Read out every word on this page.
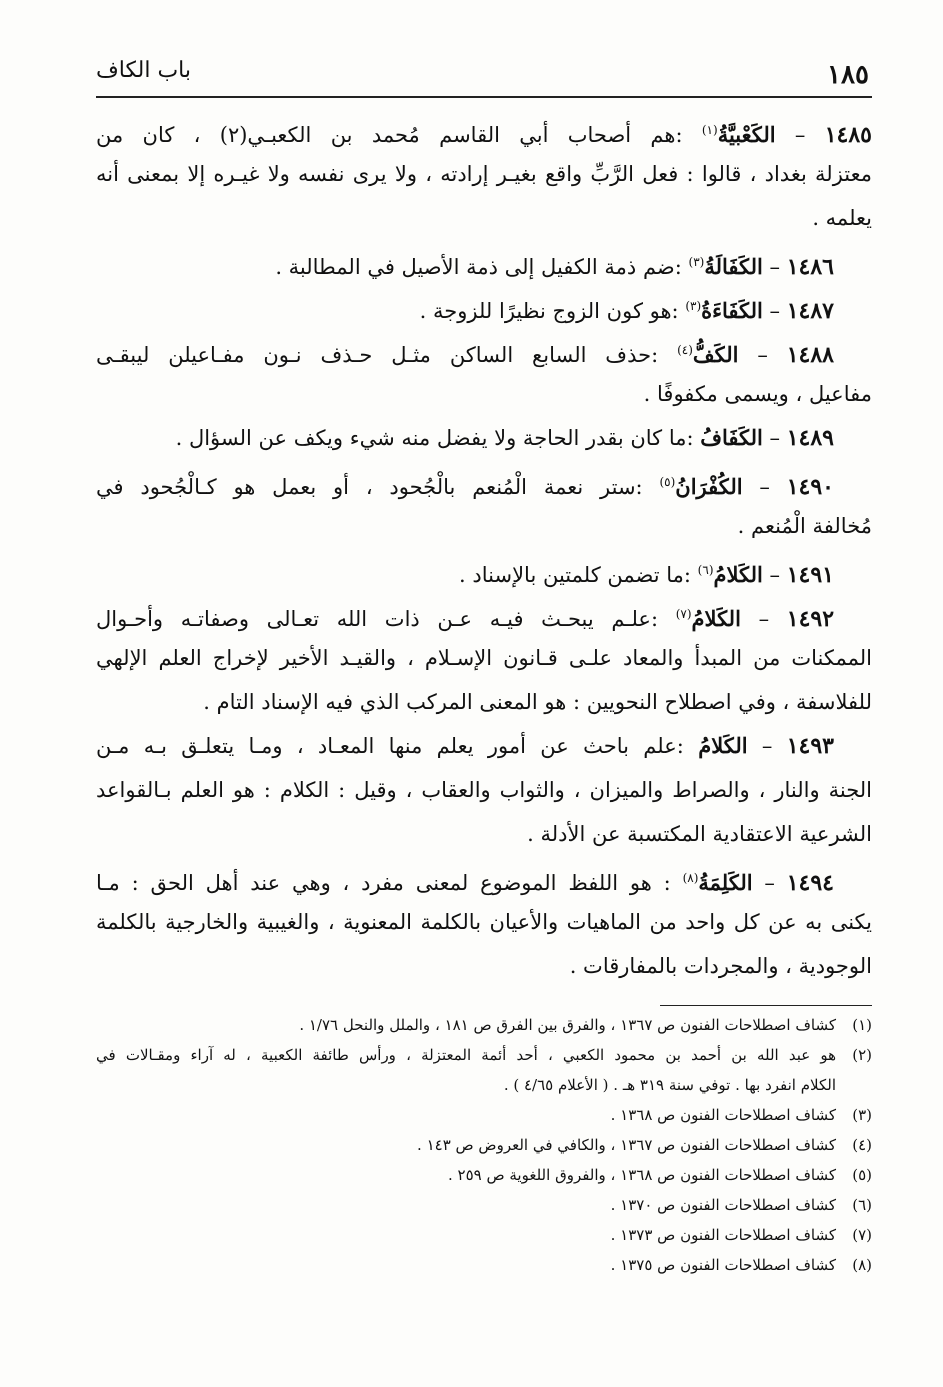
١٨٥
باب الكاف
١٤٨٥ – الكَعْبيَّةُ$^{(١)}$ :هم أصحاب أبي القاسم مُحمد بن الكعبـي(٢) ، كان من
معتزلة بغداد ، قالوا : فعل الرَّبِّ واقع بغيـر إرادته ، ولا يرى نفسه ولا غيـره إلا بمعنى أنه
يعلمه .
١٤٨٦ – الكَفَالَةُ$^{(٣)}$ :ضم ذمة الكفيل إلى ذمة الأصيل في المطالبة .
١٤٨٧ – الكَفَاءَةُ$^{(٣)}$ :هو كون الزوج نظيرًا للزوجة .
١٤٨٨ – الكَفُّ$^{(٤)}$ :حذف السابع الساكن مثـل حـذف نـون مفـاعيلن ليبقـى
مفاعيل ، ويسمى مكفوفًا .
١٤٨٩ – الكَفَافُ :ما كان بقدر الحاجة ولا يفضل منه شيء ويكف عن السؤال .
١٤٩٠ – الكُفْرَانُ$^{(٥)}$ :ستر نعمة الْمُنعم بالْجُحود ، أو بعمل هو كـالْجُحود في
مُخالفة الْمُنعم .
١٤٩١ – الكَلامُ$^{(٦)}$ :ما تضمن كلمتين بالإسناد .
١٤٩٢ – الكَلامُ$^{(٧)}$ :علـم يبحـث فيـه عـن ذات الله تعـالى وصفاتـه وأحـوال
الممكنات من المبدأ والمعاد علـى قـانون الإسـلام ، والقيـد الأخير لإخراج العلم الإلهي
للفلاسفة ، وفي اصطلاح النحويين : هو المعنى المركب الذي فيه الإسناد التام .
١٤٩٣ – الكَلامُ :علم باحث عن أمور يعلم منها المعـاد ، ومـا يتعلـق بـه مـن
الجنة والنار ، والصراط والميزان ، والثواب والعقاب ، وقيل : الكلام : هو العلم بـالقواعد
الشرعية الاعتقادية المكتسبة عن الأدلة .
١٤٩٤ – الكَلِمَةُ$^{(٨)}$ : هو اللفظ الموضوع لمعنى مفرد ، وهي عند أهل الحق : مـا
يكنى به عن كل واحد من الماهيات والأعيان بالكلمة المعنوية ، والغيبية والخارجية بالكلمة
الوجودية ، والمجردات بالمفارقات .
(١)كشاف اصطلاحات الفنون ص ١٣٦٧ ، والفرق بين الفرق ص ١٨١ ، والملل والنحل ١/٧٦ .
(٢)هو عبد الله بن أحمد بن محمود الكعبي ، أحد أئمة المعتزلة ، ورأس طائفة الكعبية ، له آراء ومقـالات في
الكلام انفرد بها . توفي سنة ٣١٩ هـ . ( الأعلام ٤/٦٥ ) .
(٣)كشاف اصطلاحات الفنون ص ١٣٦٨ .
(٤)كشاف اصطلاحات الفنون ص ١٣٦٧ ، والكافي في العروض ص ١٤٣ .
(٥)كشاف اصطلاحات الفنون ص ١٣٦٨ ، والفروق اللغوية ص ٢٥٩ .
(٦)كشاف اصطلاحات الفنون ص ١٣٧٠ .
(٧)كشاف اصطلاحات الفنون ص ١٣٧٣ .
(٨)كشاف اصطلاحات الفنون ص ١٣٧٥ .
